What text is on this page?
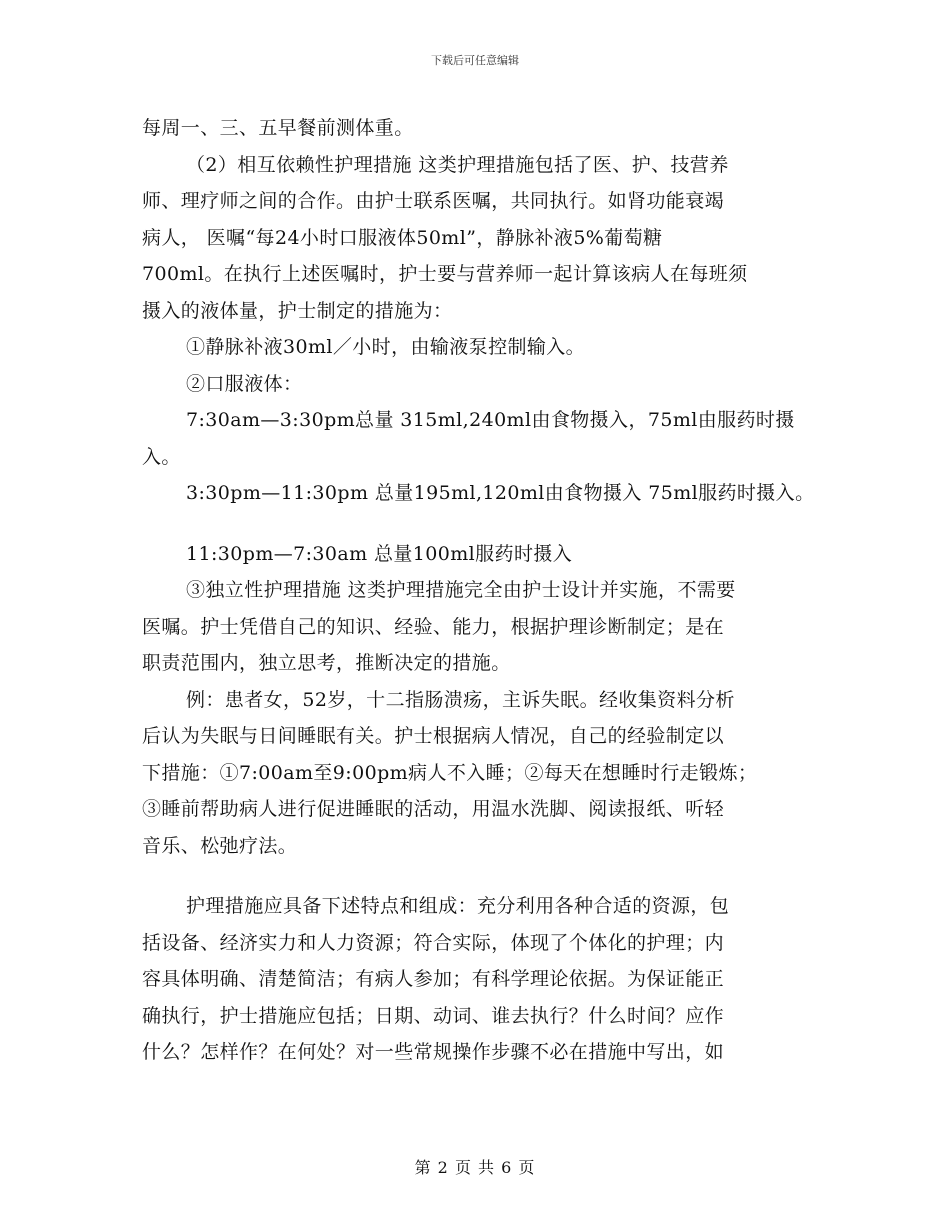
下载后可任意编辑
每周一、三、五早餐前测体重。
（2）相互依赖性护理措施 这类护理措施包括了医、护、技营养
师、理疗师之间的合作。由护士联系医嘱，共同执行。如肾功能衰竭
病人， 医嘱“每24小时口服液体50ml”，静脉补液5%葡萄糖
700ml。在执行上述医嘱时，护士要与营养师一起计算该病人在每班须
摄入的液体量，护士制定的措施为：
①静脉补液30ml／小时，由输液泵控制输入。
②口服液体：
7:30am—3:30pm总量 315ml,240ml由食物摄入，75ml由服药时摄
入。
3:30pm—11:30pm 总量195ml,120ml由食物摄入 75ml服药时摄入。
11:30pm—7:30am 总量100ml服药时摄入
③独立性护理措施 这类护理措施完全由护士设计并实施，不需要
医嘱。护士凭借自己的知识、经验、能力，根据护理诊断制定；是在
职责范围内，独立思考，推断决定的措施。
例：患者女，52岁，十二指肠溃疡，主诉失眠。经收集资料分析
后认为失眠与日间睡眠有关。护士根据病人情况，自己的经验制定以
下措施：①7:00am至9:00pm病人不入睡；②每天在想睡时行走锻炼；
③睡前帮助病人进行促进睡眠的活动，用温水洗脚、阅读报纸、听轻
音乐、松弛疗法。
护理措施应具备下述特点和组成：充分利用各种合适的资源，包
括设备、经济实力和人力资源；符合实际，体现了个体化的护理；内
容具体明确、清楚简洁；有病人参加；有科学理论依据。为保证能正
确执行，护士措施应包括；日期、动词、谁去执行？什么时间？应作
什么？怎样作？在何处？对一些常规操作步骤不必在措施中写出，如
第 2 页 共 6 页
